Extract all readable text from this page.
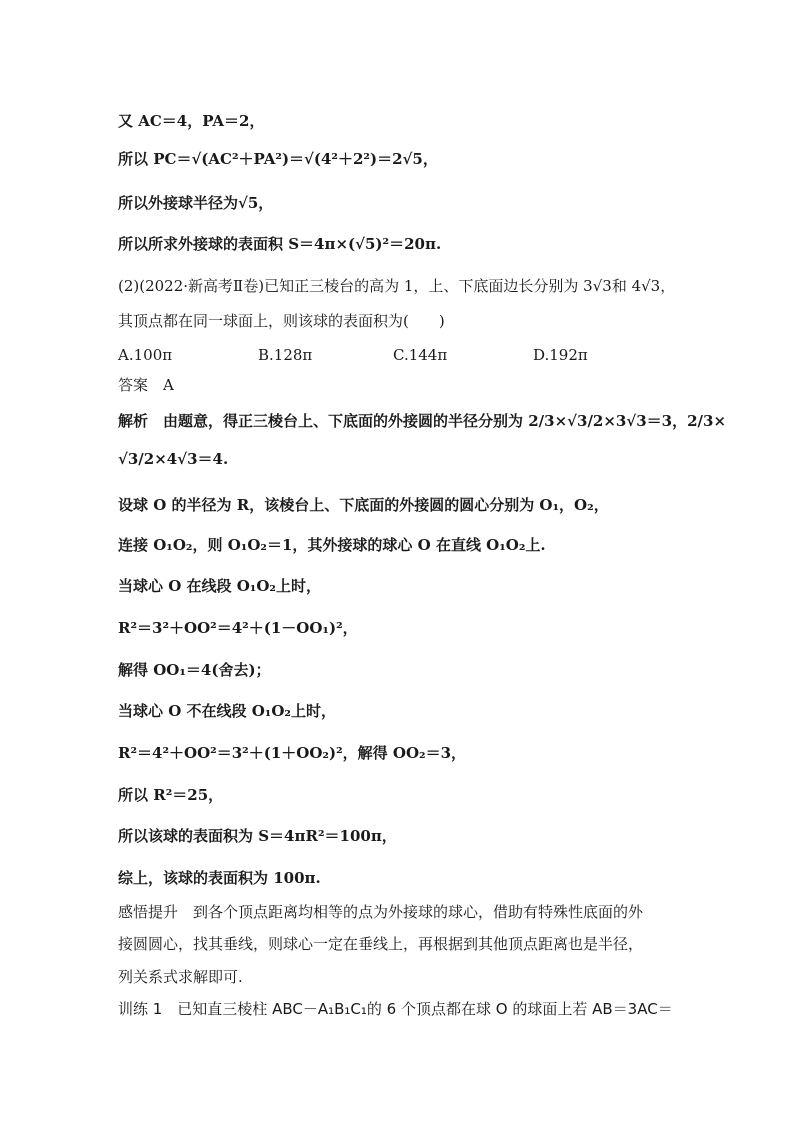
又 AC＝4，PA＝2，
所以 PC＝√(AC²＋PA²)＝√(4²＋2²)＝2√5，
所以外接球半径为√5，
所以所求外接球的表面积 S＝4π×(√5)²＝20π.
(2)(2022·新高考Ⅱ卷)已知正三棱台的高为 1，上、下底面边长分别为 3√3和 4√3，
其顶点都在同一球面上，则该球的表面积为(　　)
A.100π	B.128π	C.144π	D.192π
答案　A
解析　由题意，得正三棱台上、下底面的外接圆的半径分别为 2/3×√3/2×3√3＝3，2/3×
√3/2×4√3＝4.
设球 O 的半径为 R，该棱台上、下底面的外接圆的圆心分别为 O₁，O₂，
连接 O₁O₂，则 O₁O₂＝1，其外接球的球心 O 在直线 O₁O₂上.
当球心 O 在线段 O₁O₂上时，
R²＝3²＋OO²＝4²＋(1－OO₁)²，
解得 OO₁＝4(舍去)；
当球心 O 不在线段 O₁O₂上时，
R²＝4²＋OO²＝3²＋(1＋OO₂)²，解得 OO₂＝3，
所以 R²＝25，
所以该球的表面积为 S＝4πR²＝100π，
综上，该球的表面积为 100π.
感悟提升　到各个顶点距离均相等的点为外接球的球心，借助有特殊性底面的外
接圆圆心，找其垂线，则球心一定在垂线上，再根据到其他顶点距离也是半径，
列关系式求解即可.
训练 1　已知直三棱柱 ABC－A₁B₁C₁的 6 个顶点都在球 O 的球面上若 AB＝3AC＝
